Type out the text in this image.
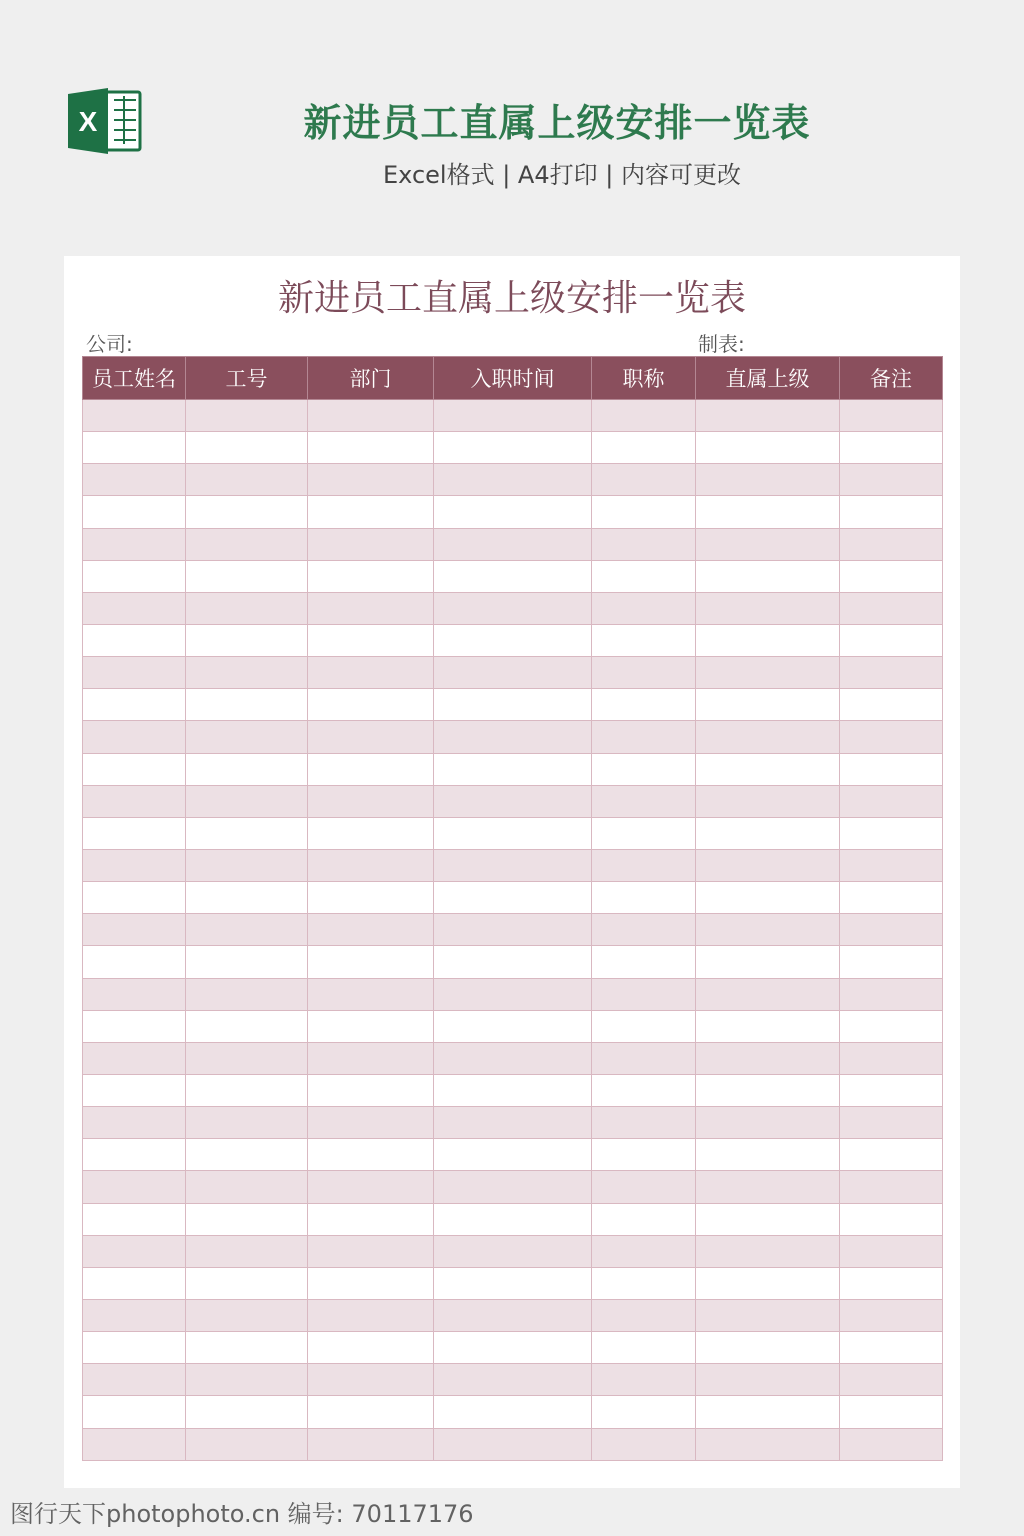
X	新进员工直属上级安排一览表
Excel格式 | A4打印 | 内容可更改
新进员工直属上级安排一览表
公司:	制表:
员工姓名	工号	部门	入职时间	职称	直属上级	备注

图行天下photophoto.cn 编号: 70117176
